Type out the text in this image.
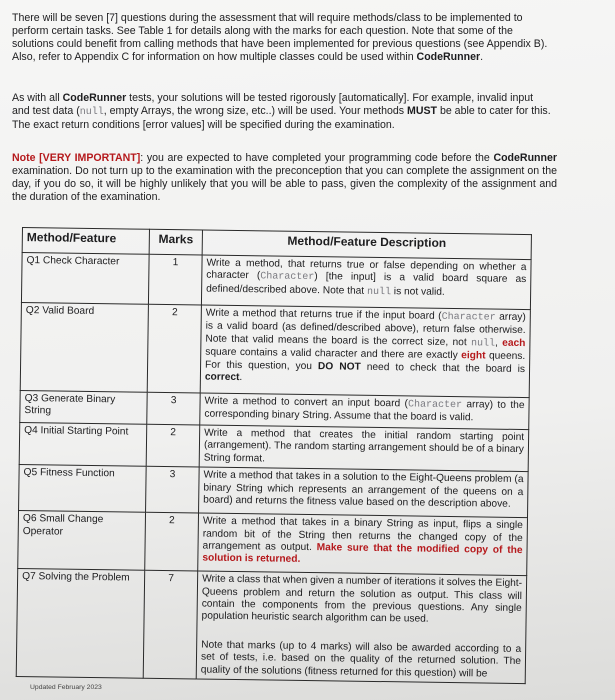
There will be seven [7] questions during the assessment that will require methods/class to be implemented to perform certain tasks. See Table 1 for details along with the marks for each question. Note that some of the solutions could benefit from calling methods that have been implemented for previous questions (see Appendix B). Also, refer to Appendix C for information on how multiple classes could be used within CodeRunner.

As with all CodeRunner tests, your solutions will be tested rigorously [automatically]. For example, invalid input and test data (null, empty Arrays, the wrong size, etc..) will be used. Your methods MUST be able to cater for this. The exact return conditions [error values] will be specified during the examination.

Note [VERY IMPORTANT]: you are expected to have completed your programming code before the CodeRunner examination. Do not turn up to the examination with the preconception that you can complete the assignment on the day, if you do so, it will be highly unlikely that you will be able to pass, given the complexity of the assignment and the duration of the examination.

Method/Feature	Marks	Method/Feature Description
Q1 Check Character	1	Write a method, that returns true or false depending on whether a character (Character) [the input] is a valid board square as defined/described above. Note that null is not valid.
Q2 Valid Board	2	Write a method that returns true if the input board (Character array) is a valid board (as defined/described above), return false otherwise. Note that valid means the board is the correct size, not null, each square contains a valid character and there are exactly eight queens. For this question, you DO NOT need to check that the board is correct.
Q3 Generate Binary String	3	Write a method to convert an input board (Character array) to the corresponding binary String. Assume that the board is valid.
Q4 Initial Starting Point	2	Write a method that creates the initial random starting point (arrangement). The random starting arrangement should be of a binary String format.
Q5 Fitness Function	3	Write a method that takes in a solution to the Eight-Queens problem (a binary String which represents an arrangement of the queens on a board) and returns the fitness value based on the description above.
Q6 Small Change Operator	2	Write a method that takes in a binary String as input, flips a single random bit of the String then returns the changed copy of the arrangement as output. Make sure that the modified copy of the solution is returned.
Q7 Solving the Problem	7	Write a class that when given a number of iterations it solves the Eight-Queens problem and return the solution as output. This class will contain the components from the previous questions. Any single population heuristic search algorithm can be used.
Note that marks (up to 4 marks) will also be awarded according to a set of tests, i.e. based on the quality of the returned solution. The quality of the solutions (fitness returned for this question) will be
Updated February 2023
